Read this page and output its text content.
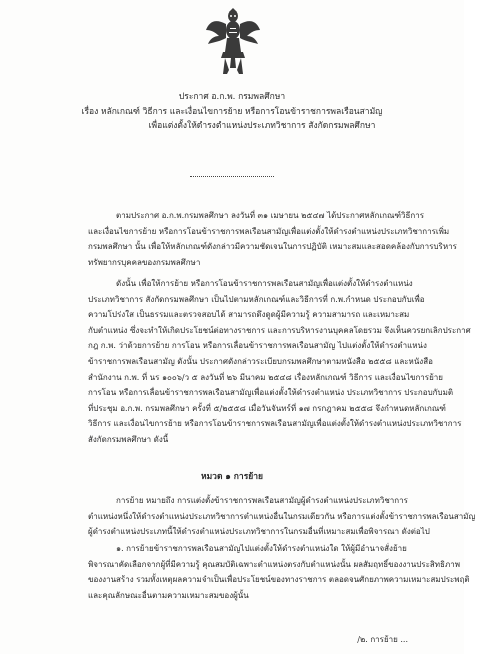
ประกาศ อ.ก.พ. กรมพลศึกษา
เรื่อง หลักเกณฑ์ วิธีการ และเงื่อนไขการย้าย หรือการโอนข้าราชการพลเรือนสามัญ
เพื่อแต่งตั้งให้ดำรงตำแหน่งประเภทวิชาการ สังกัดกรมพลศึกษา
ตามประกาศ อ.ก.พ.กรมพลศึกษา ลงวันที่ ๓๑ เมษายน ๒๕๔๗ ได้ประกาศหลักเกณฑ์วิธีการ
และเงื่อนไขการย้าย หรือการโอนข้าราชการพลเรือนสามัญเพื่อแต่งตั้งให้ดำรงตำแหน่งประเภทวิชาการเพิ่ม
กรมพลศึกษา นั้น เพื่อให้หลักเกณฑ์ดังกล่าวมีความชัดเจนในการปฏิบัติ เหมาะสมและสอดคล้องกับการบริหาร
ทรัพยากรบุคคลของกรมพลศึกษา
ดังนั้น เพื่อให้การย้าย หรือการโอนข้าราชการพลเรือนสามัญเพื่อแต่งตั้งให้ดำรงตำแหน่ง
ประเภทวิชาการ สังกัดกรมพลศึกษา เป็นไปตามหลักเกณฑ์และวิธีการที่ ก.พ.กำหนด ประกอบกับเพื่อ
ความโปร่งใส เป็นธรรมและตรวจสอบได้ สามารถดึงดูดผู้มีความรู้ ความสามารถ และเหมาะสม
กับตำแหน่ง ซึ่งจะทำให้เกิดประโยชน์ต่อทางราชการ และการบริหารงานบุคคลโดยรวม จึงเห็นควรยกเลิกประกาศ
กฎ ก.พ. ว่าด้วยการย้าย การโอน หรือการเลื่อนข้าราชการพลเรือนสามัญ ไปแต่งตั้งให้ดำรงตำแหน่ง
ข้าราชการพลเรือนสามัญ ดังนั้น ประกาศดังกล่าวระเบียบกรมพลศึกษาตามหนังสือ ๒๕๕๘ และหนังสือ
สำนักงาน ก.พ. ที่ นร ๑๐๐๖/ว ๕ ลงวันที่ ๒๖ มีนาคม ๒๕๔๘ เรื่องหลักเกณฑ์ วิธีการ และเงื่อนไขการย้าย
การโอน หรือการเลื่อนข้าราชการพลเรือนสามัญเพื่อแต่งตั้งให้ดำรงตำแหน่ง ประเภทวิชาการ ประกอบกับมติ
ที่ประชุม อ.ก.พ. กรมพลศึกษา ครั้งที่ ๕/๒๕๕๘ เมื่อวันจันทร์ที่ ๑๗ กรกฎาคม ๒๕๕๘ จึงกำหนดหลักเกณฑ์
วิธีการ และเงื่อนไขการย้าย หรือการโอนข้าราชการพลเรือนสามัญเพื่อแต่งตั้งให้ดำรงตำแหน่งประเภทวิชาการ
สังกัดกรมพลศึกษา ดังนี้
หมวด ๑ การย้าย
การย้าย หมายถึง การแต่งตั้งข้าราชการพลเรือนสามัญผู้ดำรงตำแหน่งประเภทวิชาการ
ตำแหน่งหนึ่งให้ดำรงตำแหน่งประเภทวิชาการตำแหน่งอื่นในกรมเดียวกัน หรือการแต่งตั้งข้าราชการพลเรือนสามัญ
ผู้ดำรงตำแหน่งประเภทนี้ให้ดำรงตำแหน่งประเภทวิชาการในกรมอื่นที่เหมาะสมเพื่อพิจารณา ดังต่อไป
๑. การย้ายข้าราชการพลเรือนสามัญไปแต่งตั้งให้ดำรงตำแหน่งใด ให้ผู้มีอำนาจสั่งย้าย
พิจารณาคัดเลือกจากผู้ที่มีความรู้ คุณสมบัติเฉพาะตำแหน่งตรงกับตำแหน่งนั้น ผลสัมฤทธิ์ของงานประสิทธิภาพ
ของงานสร้าง รวมทั้งเหตุผลความจำเป็นเพื่อประโยชน์ของทางราชการ ตลอดจนศักยภาพความเหมาะสมประพฤติ
และคุณลักษณะอื่นตามความเหมาะสมของผู้นั้น
/๒. การย้าย ...
